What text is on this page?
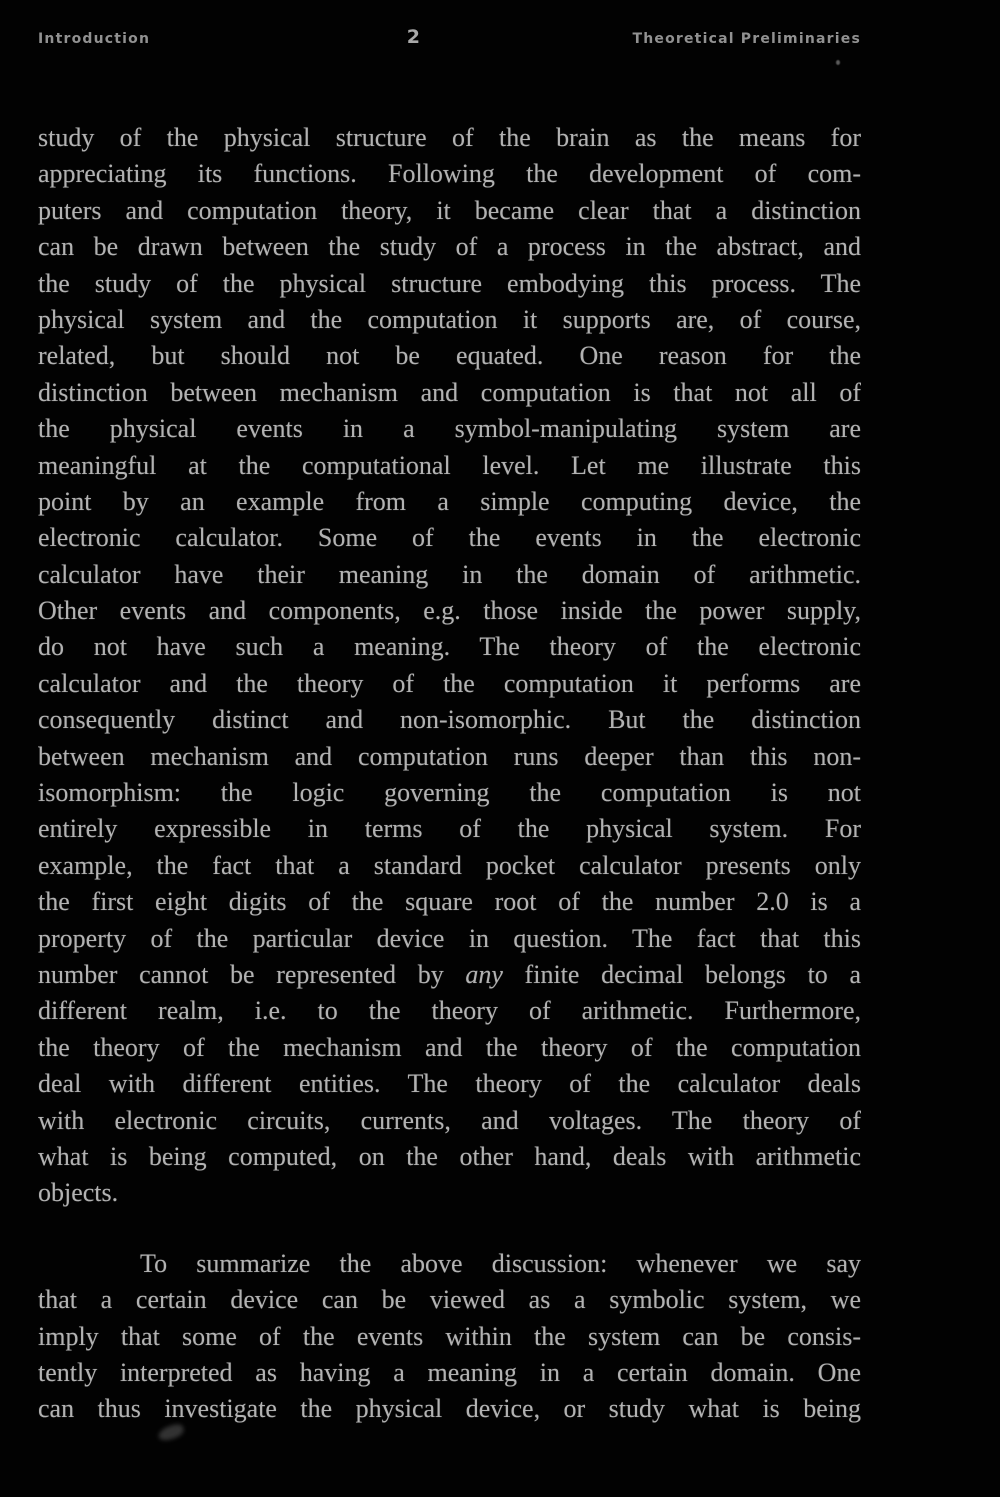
Introduction	2	Theoretical Preliminaries
study of the physical structure of the brain as the means for
appreciating its functions. Following the development of com-
puters and computation theory, it became clear that a distinction
can be drawn between the study of a process in the abstract, and
the study of the physical structure embodying this process. The
physical system and the computation it supports are, of course,
related, but should not be equated. One reason for the
distinction between mechanism and computation is that not all of
the physical events in a symbol-manipulating system are
meaningful at the computational level. Let me illustrate this
point by an example from a simple computing device, the
electronic calculator. Some of the events in the electronic
calculator have their meaning in the domain of arithmetic.
Other events and components, e.g. those inside the power supply,
do not have such a meaning. The theory of the electronic
calculator and the theory of the computation it performs are
consequently distinct and non-isomorphic. But the distinction
between mechanism and computation runs deeper than this non-
isomorphism: the logic governing the computation is not
entirely expressible in terms of the physical system. For
example, the fact that a standard pocket calculator presents only
the first eight digits of the square root of the number 2.0 is a
property of the particular device in question. The fact that this
number cannot be represented by any finite decimal belongs to a
different realm, i.e. to the theory of arithmetic. Furthermore,
the theory of the mechanism and the theory of the computation
deal with different entities. The theory of the calculator deals
with electronic circuits, currents, and voltages. The theory of
what is being computed, on the other hand, deals with arithmetic
objects.
To summarize the above discussion: whenever we say
that a certain device can be viewed as a symbolic system, we
imply that some of the events within the system can be consis-
tently interpreted as having a meaning in a certain domain. One
can thus investigate the physical device, or study what is being
